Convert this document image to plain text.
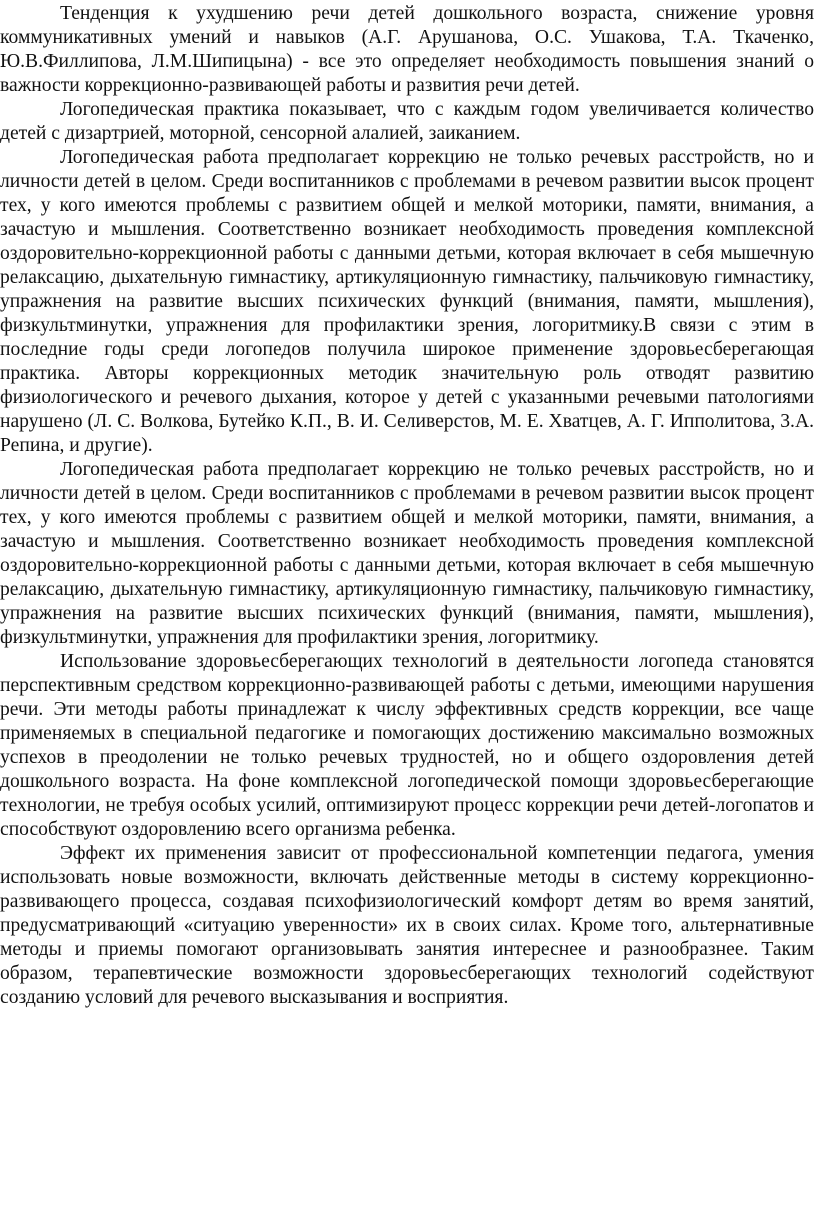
Тенденция к ухудшению речи детей дошкольного возраста, снижение уровня коммуникативных умений и навыков (А.Г. Арушанова, О.С. Ушакова, Т.А. Ткаченко, Ю.В.Филлипова, Л.М.Шипицына) - все это определяет необходимость повышения знаний о важности коррекционно-развивающей работы и развития речи детей.

Логопедическая практика показывает, что с каждым годом увеличивается количество детей с дизартрией, моторной, сенсорной алалией, заиканием.

Логопедическая работа предполагает коррекцию не только речевых расстройств, но и личности детей в целом. Среди воспитанников с проблемами в речевом развитии высок процент тех, у кого имеются проблемы с развитием общей и мелкой моторики, памяти, внимания, а зачастую и мышления. Соответственно возникает необходимость проведения комплексной оздоровительно-коррекционной работы с данными детьми, которая включает в себя мышечную релаксацию, дыхательную гимнастику, артикуляционную гимнастику, пальчиковую гимнастику, упражнения на развитие высших психических функций (внимания, памяти, мышления), физкультминутки, упражнения для профилактики зрения, логоритмику.В связи с этим в последние годы среди логопедов получила широкое применение здоровьесберегающая практика. Авторы коррекционных методик значительную роль отводят развитию физиологического и речевого дыхания, которое у детей с указанными речевыми патологиями нарушено (Л. С. Волкова, Бутейко К.П., В. И. Селиверстов, М. Е. Хватцев, А. Г. Ипполитова, 3.А. Репина, и другие).

Логопедическая работа предполагает коррекцию не только речевых расстройств, но и личности детей в целом. Среди воспитанников с проблемами в речевом развитии высок процент тех, у кого имеются проблемы с развитием общей и мелкой моторики, памяти, внимания, а зачастую и мышления. Соответственно возникает необходимость проведения комплексной оздоровительно-коррекционной работы с данными детьми, которая включает в себя мышечную релаксацию, дыхательную гимнастику, артикуляционную гимнастику, пальчиковую гимнастику, упражнения на развитие высших психических функций (внимания, памяти, мышления), физкультминутки, упражнения для профилактики зрения, логоритмику.

Использование здоровьесберегающих технологий в деятельности логопеда становятся перспективным средством коррекционно-развивающей работы с детьми, имеющими нарушения речи. Эти методы работы принадлежат к числу эффективных средств коррекции, все чаще применяемых в специальной педагогике и помогающих достижению максимально возможных успехов в преодолении не только речевых трудностей, но и общего оздоровления детей дошкольного возраста. На фоне комплексной логопедической помощи здоровьесберегающие технологии, не требуя особых усилий, оптимизируют процесс коррекции речи детей-логопатов и способствуют оздоровлению всего организма ребенка.

Эффект их применения зависит от профессиональной компетенции педагога, умения использовать новые возможности, включать действенные методы в систему коррекционно-развивающего процесса, создавая психофизиологический комфорт детям во время занятий, предусматривающий «ситуацию уверенности» их в своих силах. Кроме того, альтернативные методы и приемы помогают организовывать занятия интереснее и разнообразнее. Таким образом, терапевтические возможности здоровьесберегающих технологий содействуют созданию условий для речевого высказывания и восприятия.
